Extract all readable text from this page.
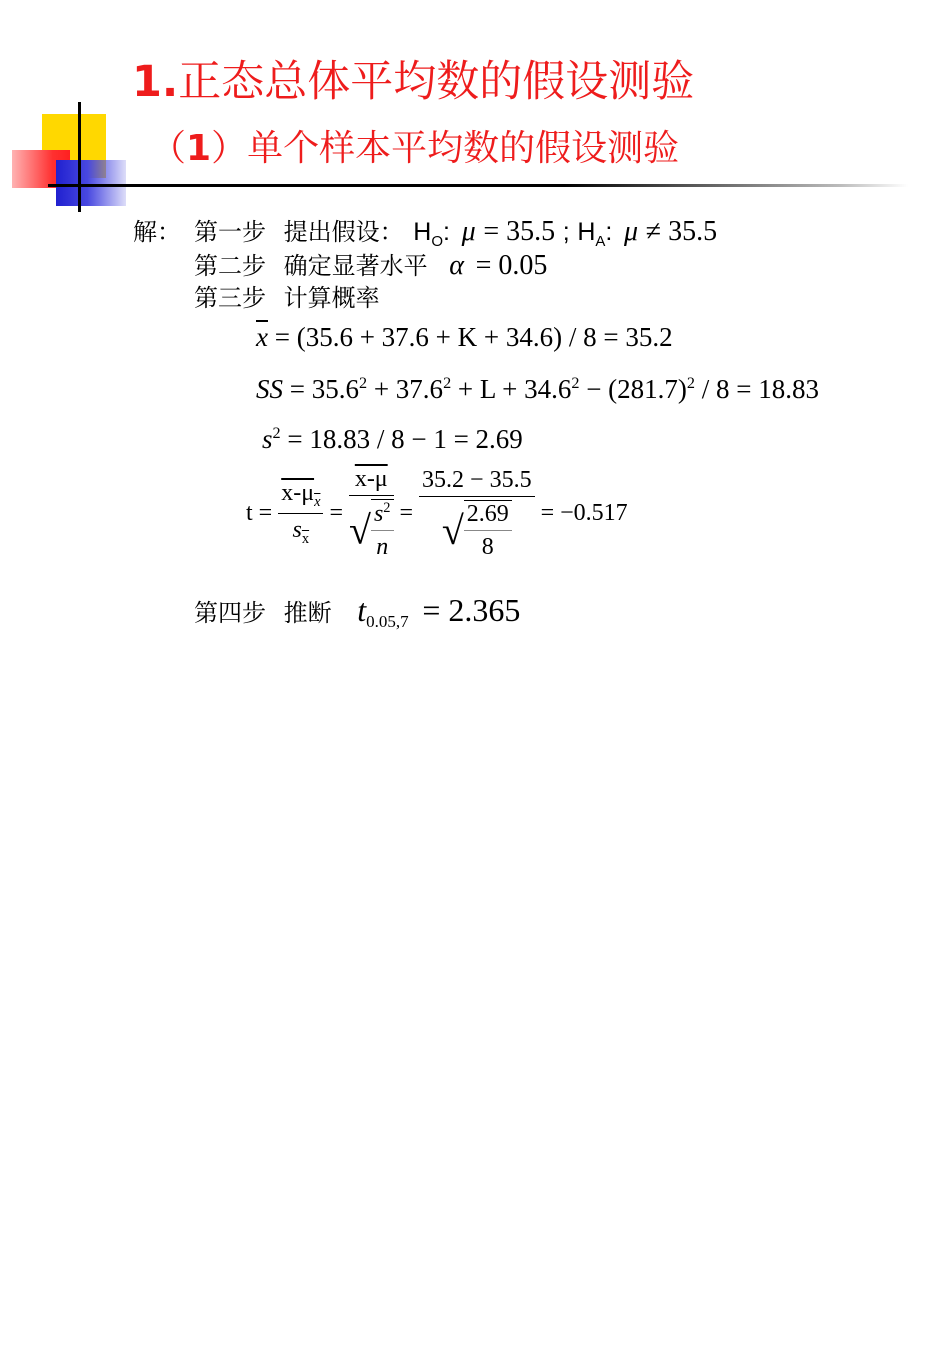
1.正态总体平均数的假设测验
（1）单个样本平均数的假设测验
解： 第一步 提出假设： $H_O$: μ = 35.5 ; $H_A$: μ ≠ 35.5
第二步 确定显著水平 α = 0.05
第三步 计算概率
$\overline{x} = (35.6 + 37.6 + K + 34.6) / 8 = 35.2$
SS = $35.6^2 + 37.6^2 + L + 34.6^2 - (281.7)^2 / 8 = 18.83$
$s^2 = 18.83 / 8 - 1 = 2.69$
$t = \frac{x-\mu_{\overline{x}}}{s_{\overline{x}}} = \frac{x-\mu}{√ \frac{s^2}{n}} = \frac{35.2 - 35.5}{√ \frac{2.69}{8}} = -0.517$
第四步 推断 $t_{0.05,7} = 2.365$
